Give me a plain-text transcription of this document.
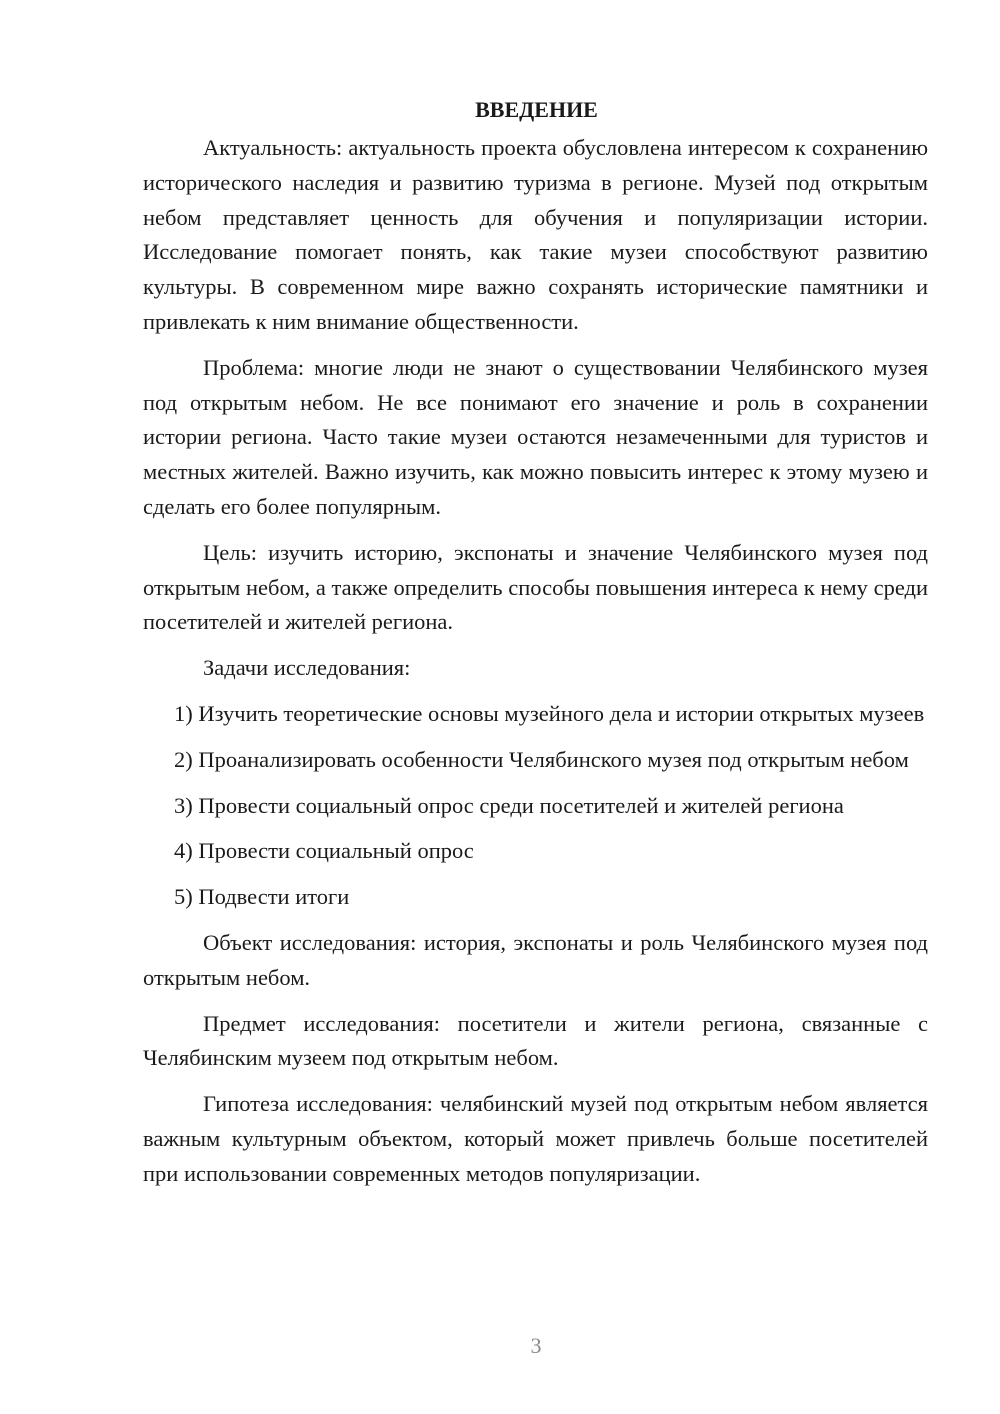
ВВЕДЕНИЕ

Актуальность: актуальность проекта обусловлена интересом к сохранению исторического наследия и развитию туризма в регионе. Музей под открытым небом представляет ценность для обучения и популяризации истории. Исследование помогает понять, как такие музеи способствуют развитию культуры. В современном мире важно сохранять исторические памятники и привлекать к ним внимание общественности.

Проблема: многие люди не знают о существовании Челябинского музея под открытым небом. Не все понимают его значение и роль в сохранении истории региона. Часто такие музеи остаются незамеченными для туристов и местных жителей. Важно изучить, как можно повысить интерес к этому музею и сделать его более популярным.

Цель: изучить историю, экспонаты и значение Челябинского музея под открытым небом, а также определить способы повышения интереса к нему среди посетителей и жителей региона.

Задачи исследования:

1) Изучить теоретические основы музейного дела и истории открытых музеев

2) Проанализировать особенности Челябинского музея под открытым небом

3) Провести социальный опрос среди посетителей и жителей региона

4) Провести социальный опрос

5) Подвести итоги

Объект исследования: история, экспонаты и роль Челябинского музея под открытым небом.

Предмет исследования: посетители и жители региона, связанные с Челябинским музеем под открытым небом.

Гипотеза исследования: челябинский музей под открытым небом является важным культурным объектом, который может привлечь больше посетителей при использовании современных методов популяризации.

3
